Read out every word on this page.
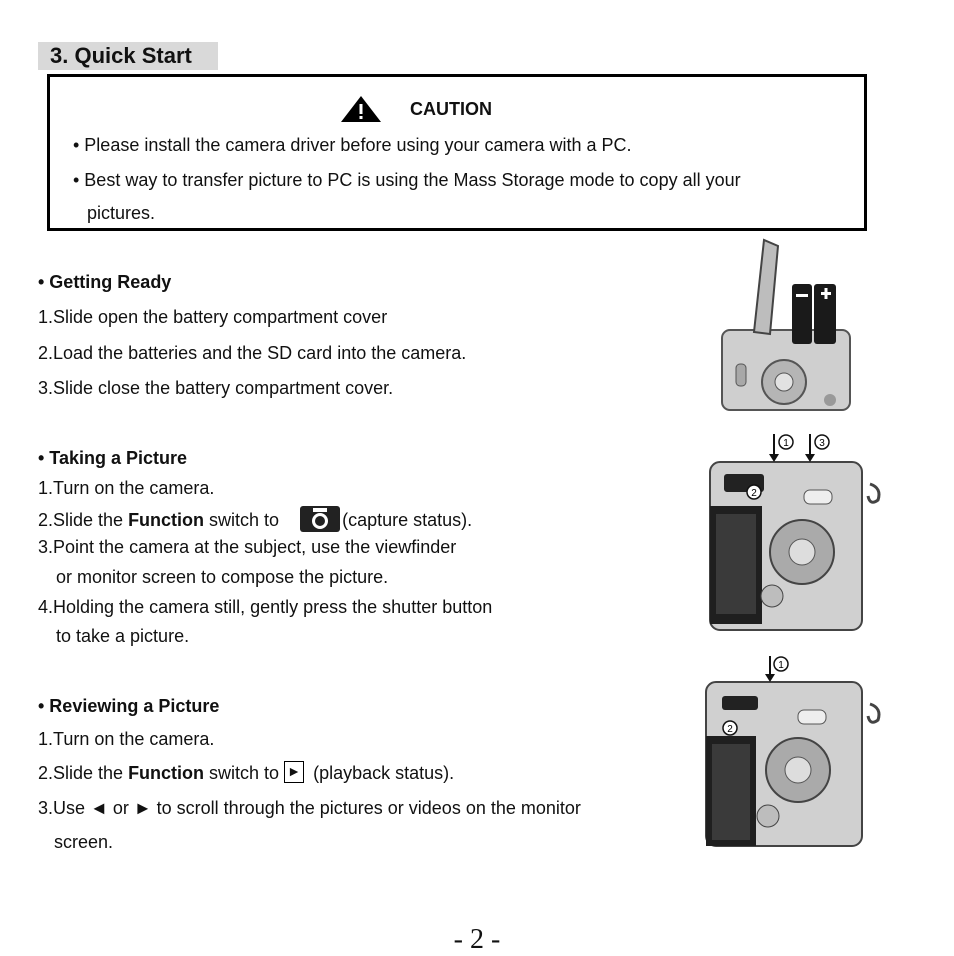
3. Quick Start
CAUTION
• Please install the camera driver before using your camera with a PC.
• Best way to transfer picture to PC is using the Mass Storage mode to copy all your
pictures.
• Getting Ready
1.Slide open the battery compartment cover
2.Load the batteries and the SD card into the camera.
3.Slide close the battery compartment cover.
• Taking a Picture
1.Turn on the camera.
2.Slide the Function switch to	(capture status).
3.Point the camera at the subject, use the viewfinder
or monitor screen to compose the picture.
4.Holding the camera still, gently press the shutter button
to take a picture.
• Reviewing a Picture
1.Turn on the camera.
2.Slide the Function switch to ► (playback status).
3.Use ◄ or ► to scroll through the pictures or videos on the monitor
screen.
1	3
2
1
2
- 2 -
